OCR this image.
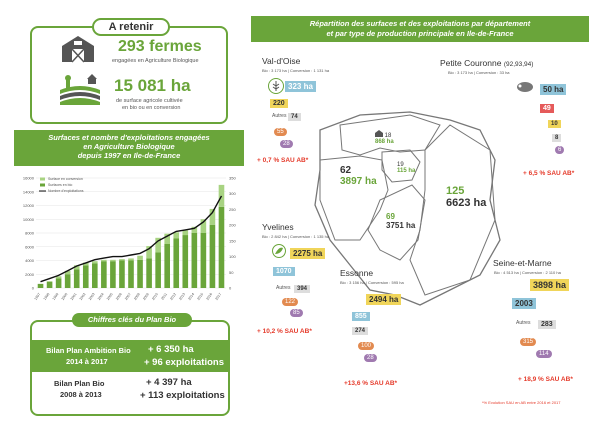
A retenir
293 fermes
engagées en Agriculture Biologique
15 081 ha
de surface agricole cultivée
en bio ou en conversion
Surfaces et nombre d'exploitations engagées
en Agriculture Biologique
depuis 1997 en Ile-de-France
0
2000
4000
6000
8000
10000
12000
14000
16000
0
50
100
150
200
250
300
350
1997 1998 1999 2000 2001 2002 2003 2004 2005 2006 2007 2008 2009 2010 2011 2012 2013 2014 2015 2016 2017
Surface en conversion
Surfaces en bio
Nombre d'exploitations
Chiffres clés du Plan Bio
Bilan Plan Ambition Bio
2014 à 2017
+ 6 350 ha
+ 96 exploitations
Bilan Plan Bio
2008 à 2013
+ 4 397 ha
+ 113 exploitations
Répartition des surfaces et des exploitations par département
et par type de production principale en Ile-de-France
18
868 ha
62
3897 ha
19
115 ha
69
3751 ha
125
6623 ha
Val-d'Oise
Bio : 3 173 ha | Conversion : 1 131 ha
323 ha
220
Autres 74
55
28
+ 0,7 % SAU AB*
Petite Couronne (92,93,94)
Bio : 3 173 ha | Conversion : 33 ha
50 ha
49
10
8
6
+ 6,5 % SAU AB*
Yvelines
Bio : 2 842 ha | Conversion : 1 135 ha
2275 ha
1070
Autres	394
122
85
+ 10,2 % SAU AB*
Essonne
Bio : 3 156 ha | Conversion : 595 ha
2494 ha
855
274
100
28
+13,6 % SAU AB*
Seine-et-Marne
Bio : 4 513 ha | Conversion : 2 110 ha
3898 ha
2003
Autres	283
315
114
+ 18,9 % SAU AB*
*% Evolution SAU en AB entre 2016 et 2017
